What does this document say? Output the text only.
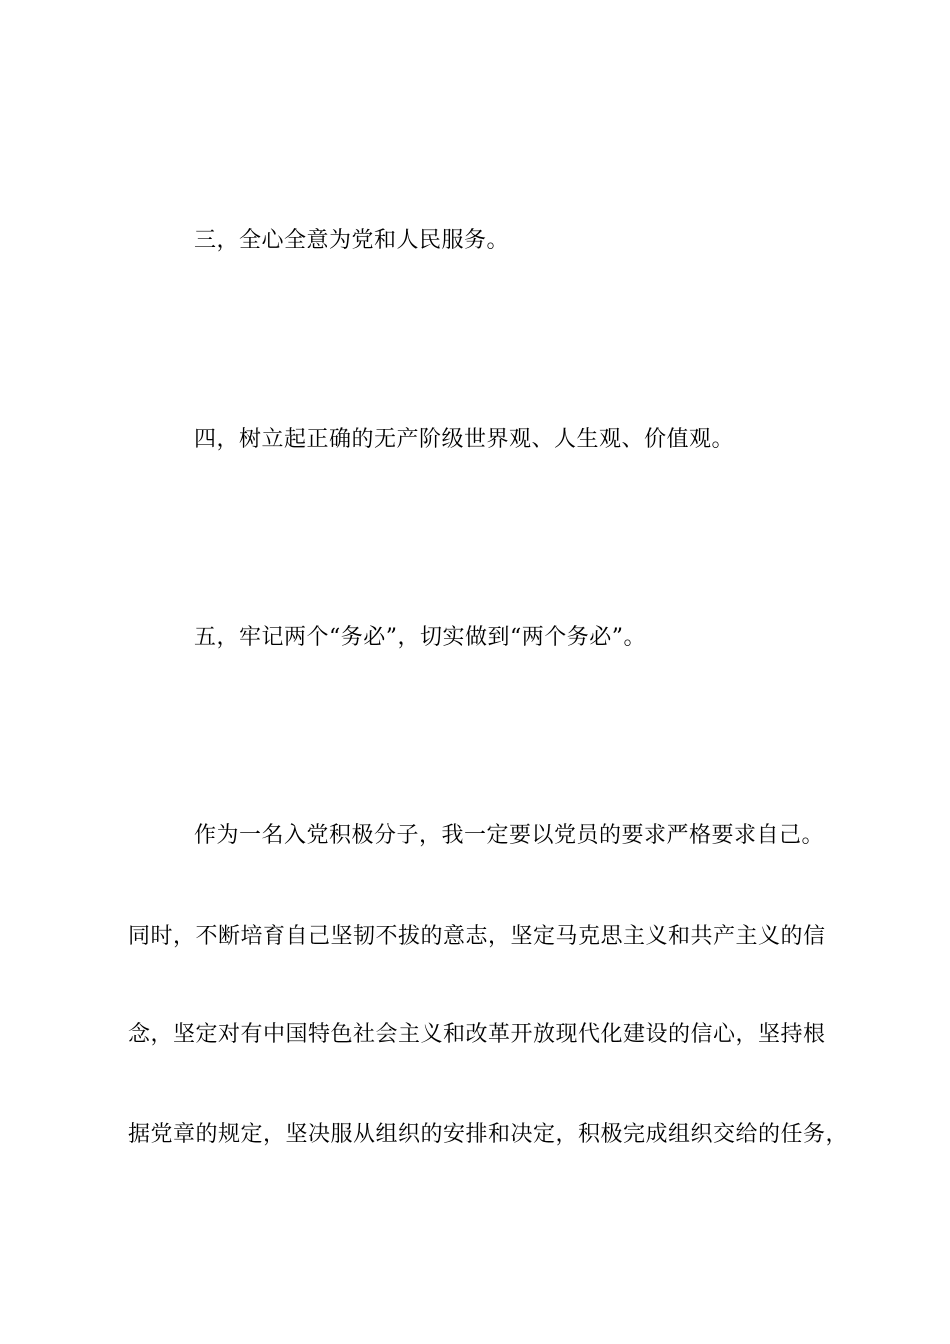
三，全心全意为党和人民服务。
四，树立起正确的无产阶级世界观、人生观、价值观。
五，牢记两个“务必”，切实做到“两个务必”。
作为一名入党积极分子，我一定要以党员的要求严格要求自己。
同时，不断培育自己坚韧不拔的意志，坚定马克思主义和共产主义的信
念，坚定对有中国特色社会主义和改革开放现代化建设的信心，坚持根
据党章的规定，坚决服从组织的安排和决定，积极完成组织交给的任务，
